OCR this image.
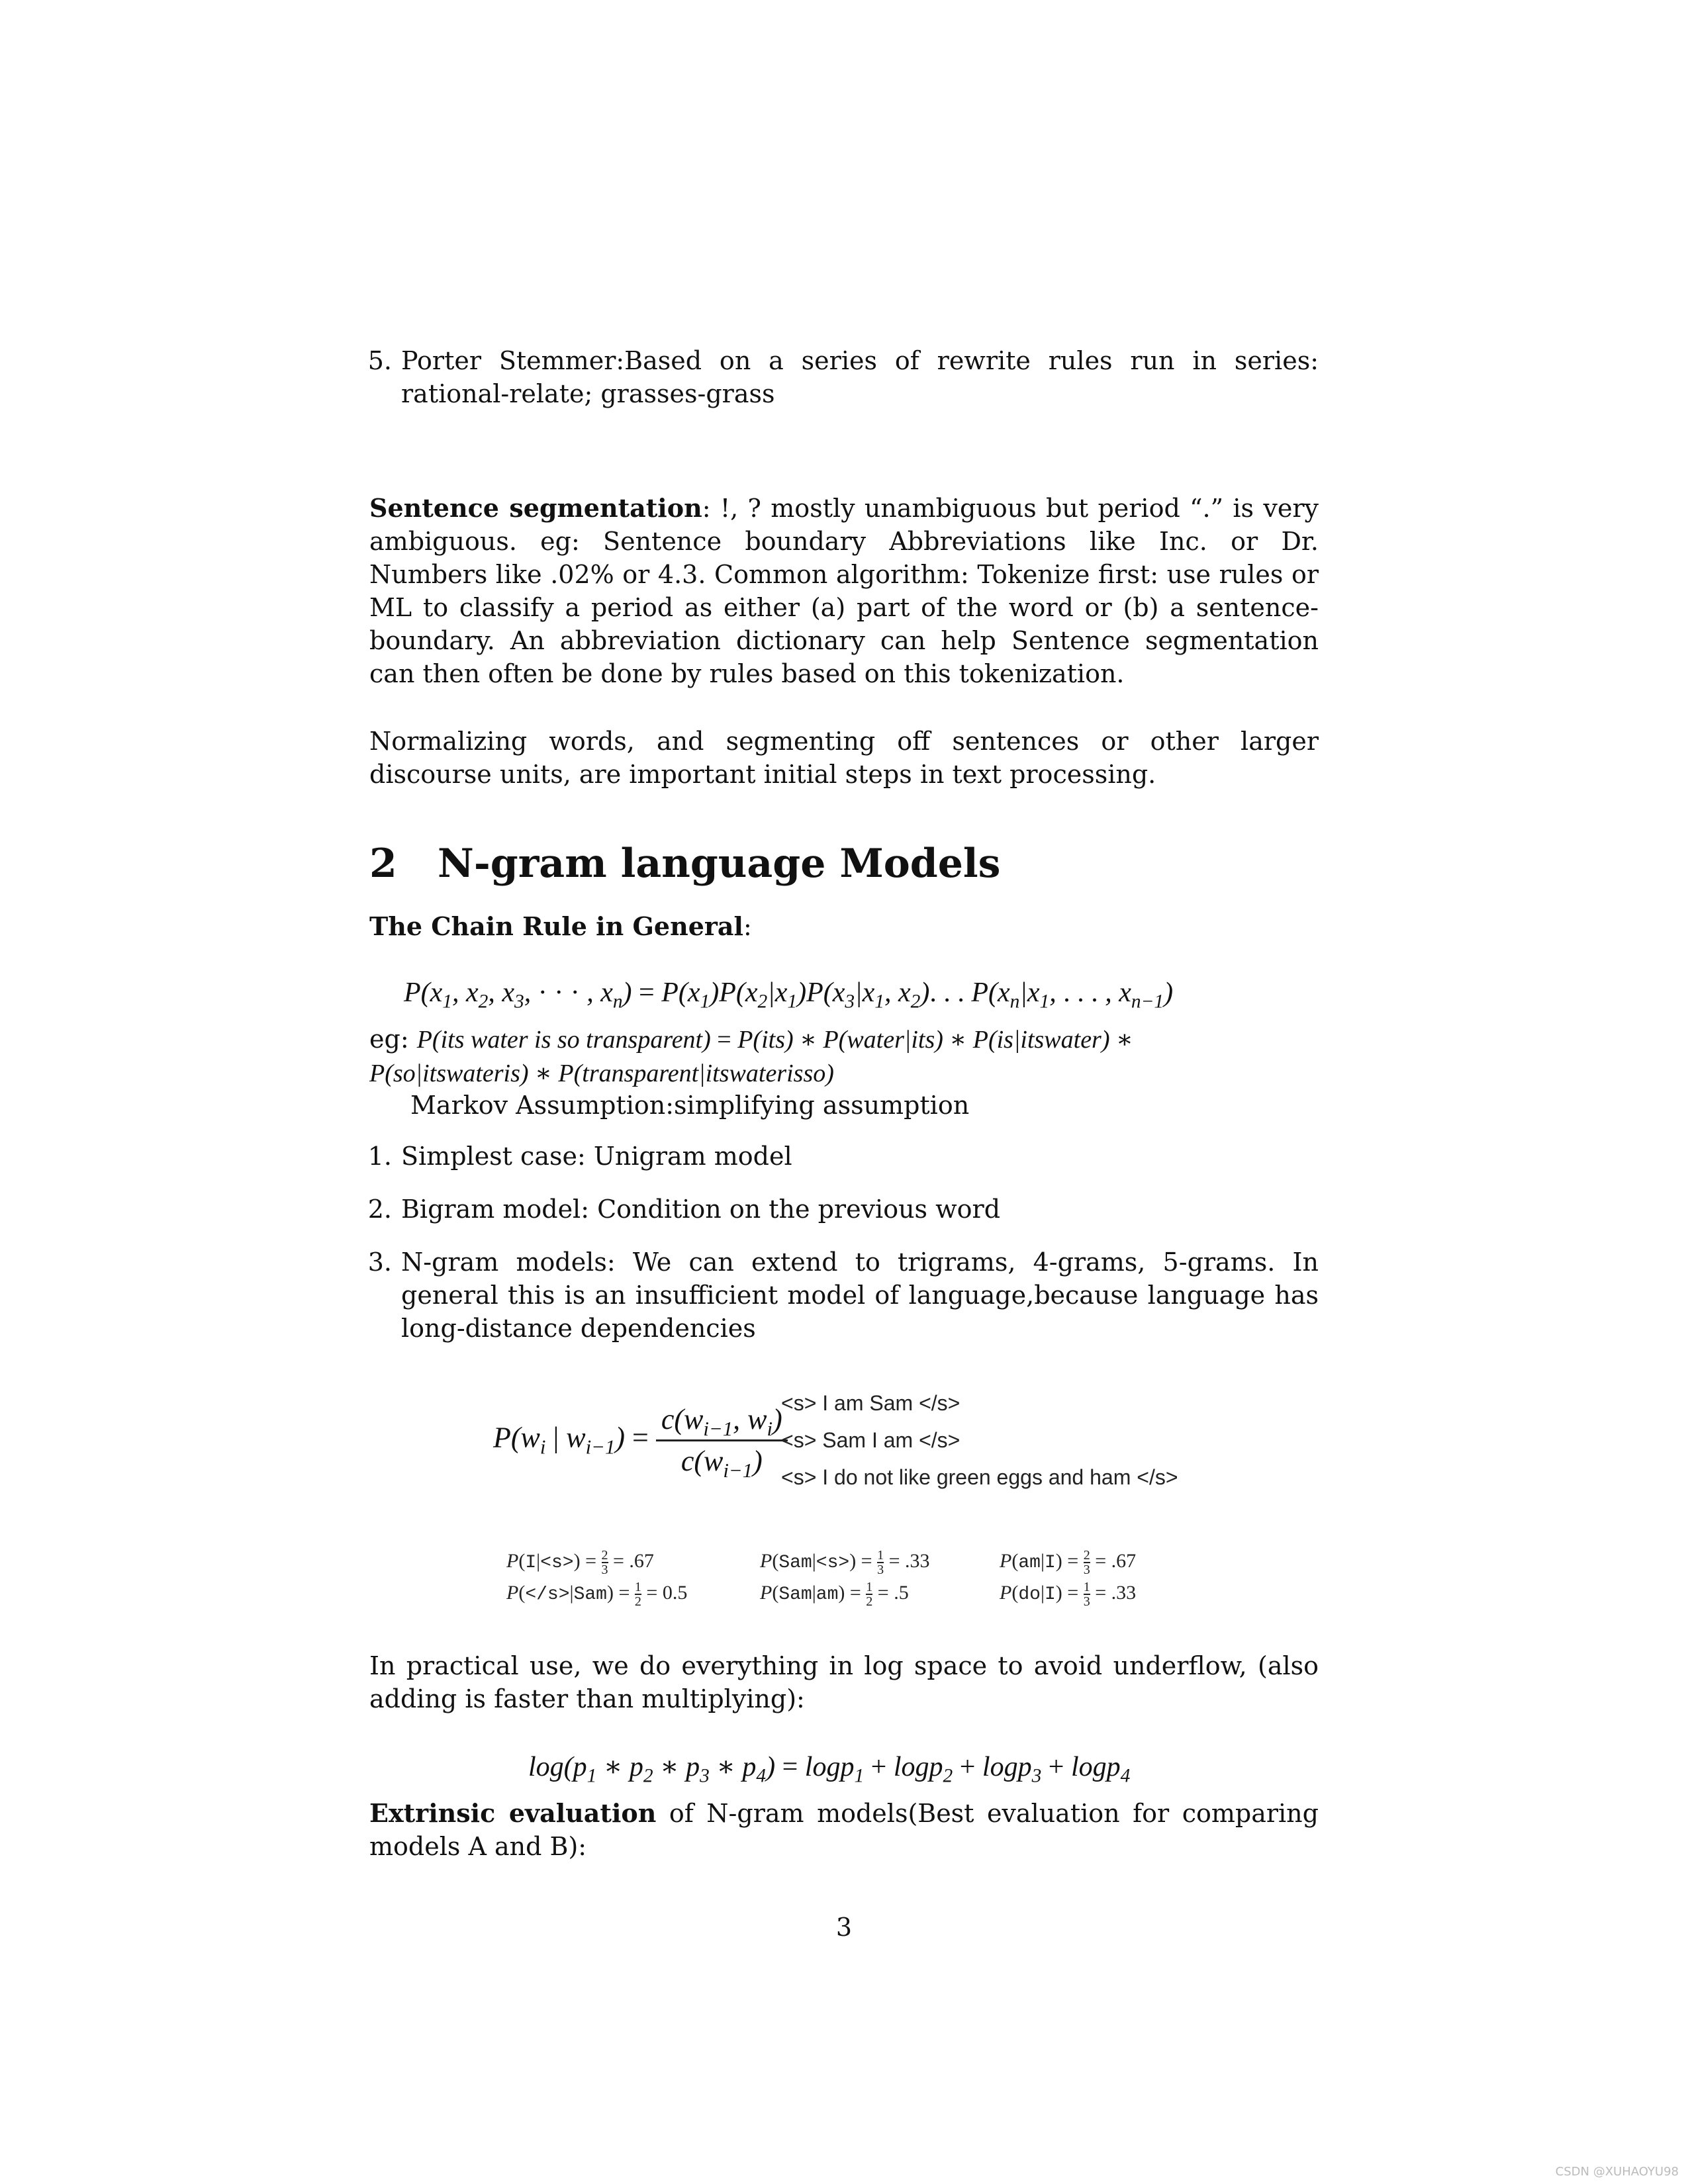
5. Porter Stemmer:Based on a series of rewrite rules run in series: rational-relate; grasses-grass
Sentence segmentation: !, ? mostly unambiguous but period “.” is very ambiguous. eg: Sentence boundary Abbreviations like Inc. or Dr. Numbers like .02% or 4.3. Common algorithm: Tokenize first: use rules or ML to classify a period as either (a) part of the word or (b) a sentence-boundary. An abbreviation dictionary can help Sentence segmentation can then often be done by rules based on this tokenization.
Normalizing words, and segmenting off sentences or other larger discourse units, are important initial steps in text processing.
2 N-gram language Models
The Chain Rule in General:
$P(x_1$, $x_2$, $x_3$, · · · , $x_n) = P(x_1)P(x_2|x_1)P(x_3|x_1$, $x_2$). . . $P(x_n|x_1$, . . . , $x_{n-1}$)
eg: P(its water is so transparent) = P(its) ∗ P(water|its) ∗ P(is|itswater) ∗
P(so|itswateris) ∗ P(transparent|itswaterisso)
Markov Assumption:simplifying assumption
1. Simplest case: Unigram model
2. Bigram model: Condition on the previous word
3. N-gram models: We can extend to trigrams, 4-grams, 5-grams. In general this is an insufficient model of language,because language has long-distance dependencies
$P(w_i$ | $w_{i-1}) = \frac{c(w_{i-1}, w_i)}{c(w_{i-1})}$
<s> I am Sam </s>
<s> Sam I am </s>
<s> I do not like green eggs and ham </s>
$P(I|<s>) = \frac{2}{3} = .67$	$P(Sam|<s>) = \frac{1}{3} = .33$	$P(am|I) = \frac{2}{3} = .67$
$P(</s>|Sam) = \frac{1}{2} = 0.5$	$P(Sam|am) = \frac{1}{2} = .5$	$P(do|I) = \frac{1}{3} = .33$
In practical use, we do everything in log space to avoid underflow, (also adding is faster than multiplying):
$\log(p_1$ ∗ $p_2$ ∗ $p_3$ ∗ $p_4) = \log p_1 + \log p_2 + \log p_3 + \log p_4$
Extrinsic evaluation of N-gram models(Best evaluation for comparing models A and B):
3
CSDN @XUHAOYU98
